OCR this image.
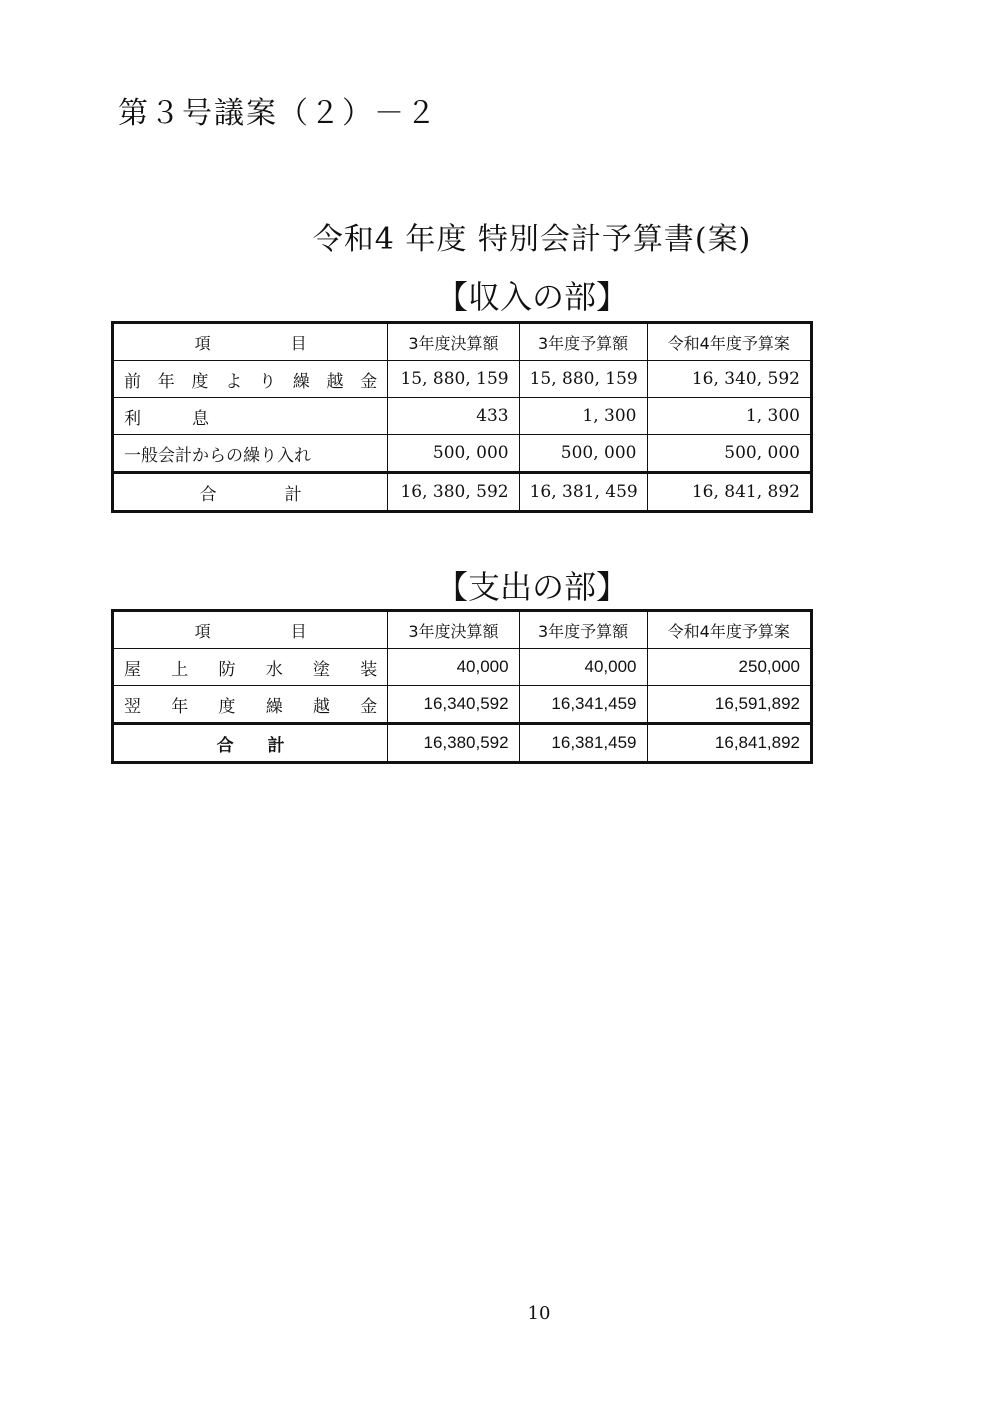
第３号議案（２）－２
令和4 年度 特別会計予算書(案)
【収入の部】
項　　　　　目	3年度決算額	3年度予算額	令和4年度予算案
前年度より繰越金	15, 880, 159	15, 880, 159	16, 340, 592
利　　　息	433	1, 300	1, 300
一般会計からの繰り入れ	500, 000	500, 000	500, 000
合　　　　計	16, 380, 592	16, 381, 459	16, 841, 892
【支出の部】
項　　　　　目	3年度決算額	3年度予算額	令和4年度予算案
屋上防水塗装	40,000	40,000	250,000
翌年度繰越金	16,340,592	16,341,459	16,591,892
合　　計	16,380,592	16,381,459	16,841,892
10
